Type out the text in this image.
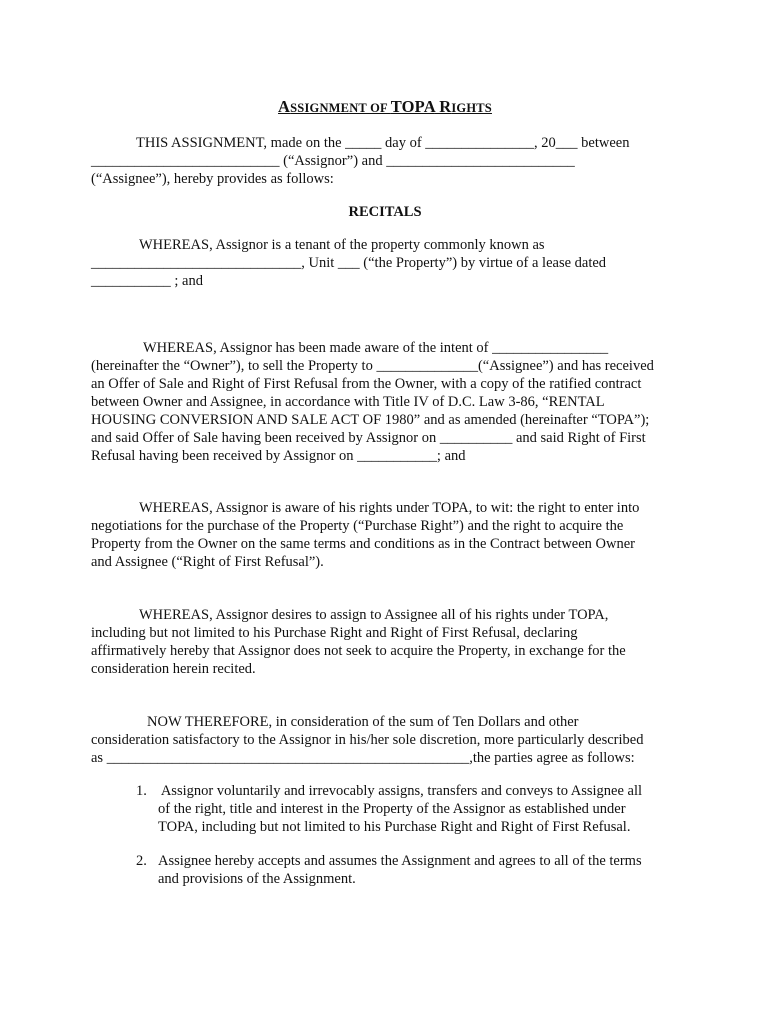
ASSIGNMENT OF TOPA RIGHTS
THIS ASSIGNMENT, made on the _____ day of _______________, 20___ between
__________________________ (“Assignor”) and __________________________
(“Assignee”), hereby provides as follows:
RECITALS
WHEREAS, Assignor is a tenant of the property commonly known as
_____________________________, Unit ___ (“the Property”) by virtue of a lease dated
___________ ; and
WHEREAS, Assignor has been made aware of the intent of ________________
(hereinafter the “Owner”), to sell the Property to ______________(“Assignee”) and has received
an Offer of Sale and Right of First Refusal from the Owner, with a copy of the ratified contract
between Owner and Assignee, in accordance with Title IV of D.C. Law 3-86, “RENTAL
HOUSING CONVERSION AND SALE ACT OF 1980” and as amended (hereinafter “TOPA”);
and said Offer of Sale having been received by Assignor on __________ and said Right of First
Refusal having been received by Assignor on ___________; and
WHEREAS, Assignor is aware of his rights under TOPA, to wit: the right to enter into
negotiations for the purchase of the Property (“Purchase Right”) and the right to acquire the
Property from the Owner on the same terms and conditions as in the Contract between Owner
and Assignee (“Right of First Refusal”).
WHEREAS, Assignor desires to assign to Assignee all of his rights under TOPA,
including but not limited to his Purchase Right and Right of First Refusal, declaring
affirmatively hereby that Assignor does not seek to acquire the Property, in exchange for the
consideration herein recited.
NOW THEREFORE, in consideration of the sum of Ten Dollars and other
consideration satisfactory to the Assignor in his/her sole discretion, more particularly described
as __________________________________________________,the parties agree as follows:
1. Assignor voluntarily and irrevocably assigns, transfers and conveys to Assignee all
of the right, title and interest in the Property of the Assignor as established under
TOPA, including but not limited to his Purchase Right and Right of First Refusal.
2. Assignee hereby accepts and assumes the Assignment and agrees to all of the terms
and provisions of the Assignment.
